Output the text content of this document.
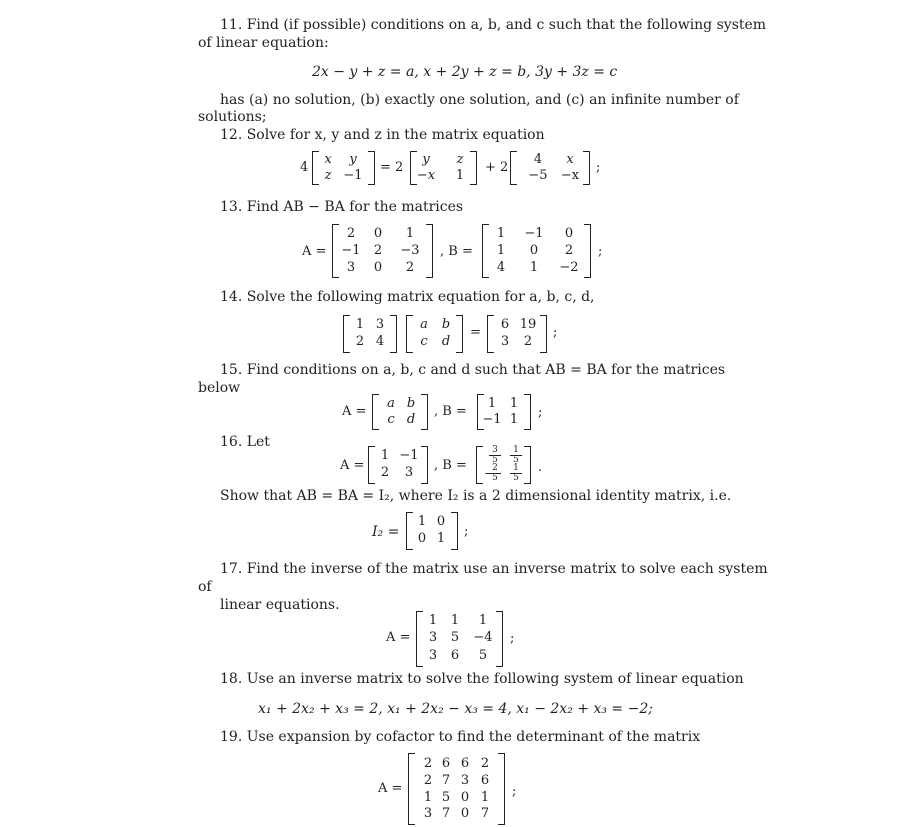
11. Find (if possible) conditions on a, b, and c such that the following system
of linear equation:
2x − y + z = a, x + 2y + z = b, 3y + 3z = c
has (a) no solution, (b) exactly one solution, and (c) an infinite number of
solutions;
12. Solve for x, y and z in the matrix equation
4
x	y
z −1
= 2
y	z
−x	1
+ 2
4	x
−5 −x
;
13. Find AB − BA for the matrices
A =
2	0	1
−1	2	−3
3	0	2
, B =
1	−1	0
1	0	2
4	1	−2
;
14. Solve the following matrix equation for a, b, c, d,
1 3
2 4
a	b
c	d
=
6 19
3	2
;
15. Find conditions on a, b, c and d such that AB = BA for the matrices
below
A =
a b
c d
, B =
1	1
−1 1	;
16. Let
A =
1 −1
2	3	, B =
$\frac{3}{5} \frac{1}{5}$
−
$\frac{2}{5} \frac{1}{5}$ .
Show that AB = BA = I₂, where I₂ is a 2 dimensional identity matrix, i.e.
I₂ =
1 0
0 1	;
17. Find the inverse of the matrix use an inverse matrix to solve each system
of
linear equations.
A =
1	1	1
3	5	−4
3	6	5
;
18. Use an inverse matrix to solve the following system of linear equation
x₁ + 2x₂ + x₃ = 2, x₁ + 2x₂ − x₃ = 4, x₁ − 2x₂ + x₃ = −2;
19. Use expansion by cofactor to find the determinant of the matrix
A =
2 6 6 2
2 7 3 6
1 5 0 1
3 7 0 7
;
